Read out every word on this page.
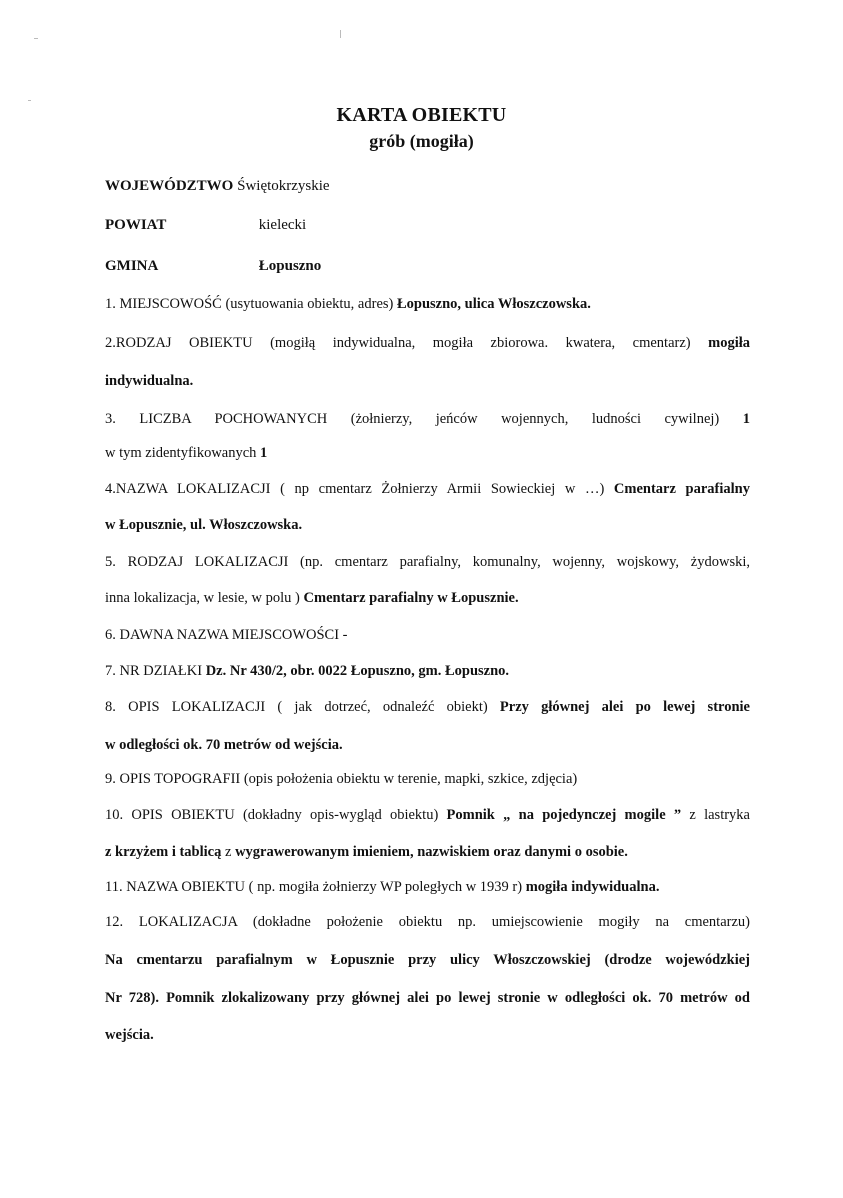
KARTA OBIEKTU
grób (mogiła)
WOJEWÓDZTWO Świętokrzyskie
POWIAT	kielecki
GMINA	Łopuszno
1. MIEJSCOWOŚĆ (usytuowania obiektu, adres) Łopuszno, ulica Włoszczowska.
2.RODZAJ OBIEKTU (mogiłą indywidualna, mogiła zbiorowa. kwatera, cmentarz) mogiła
indywidualna.
3. LICZBA POCHOWANYCH (żołnierzy, jeńców wojennych, ludności cywilnej) 1
w tym zidentyfikowanych 1
4.NAZWA LOKALIZACJI ( np cmentarz Żołnierzy Armii Sowieckiej w …) Cmentarz parafialny
w Łopusznie, ul. Włoszczowska.
5. RODZAJ LOKALIZACJI (np. cmentarz parafialny, komunalny, wojenny, wojskowy, żydowski,
inna lokalizacja, w lesie, w polu ) Cmentarz parafialny w Łopusznie.
6. DAWNA NAZWA MIEJSCOWOŚCI -
7. NR DZIAŁKI Dz. Nr 430/2, obr. 0022 Łopuszno, gm. Łopuszno.
8. OPIS LOKALIZACJI ( jak dotrzeć, odnaleźć obiekt) Przy głównej alei po lewej stronie
w odległości ok. 70 metrów od wejścia.
9. OPIS TOPOGRAFII (opis położenia obiektu w terenie, mapki, szkice, zdjęcia)
10. OPIS OBIEKTU (dokładny opis-wygląd obiektu) Pomnik „ na pojedynczej mogile ” z lastryka
z krzyżem i tablicą z wygrawerowanym imieniem, nazwiskiem oraz danymi o osobie.
11. NAZWA OBIEKTU ( np. mogiła żołnierzy WP poległych w 1939 r) mogiła indywidualna.
12. LOKALIZACJA (dokładne położenie obiektu np. umiejscowienie mogiły na cmentarzu)
Na cmentarzu parafialnym w Łopusznie przy ulicy Włoszczowskiej (drodze wojewódzkiej
Nr 728). Pomnik zlokalizowany przy głównej alei po lewej stronie w odległości ok. 70 metrów od
wejścia.
